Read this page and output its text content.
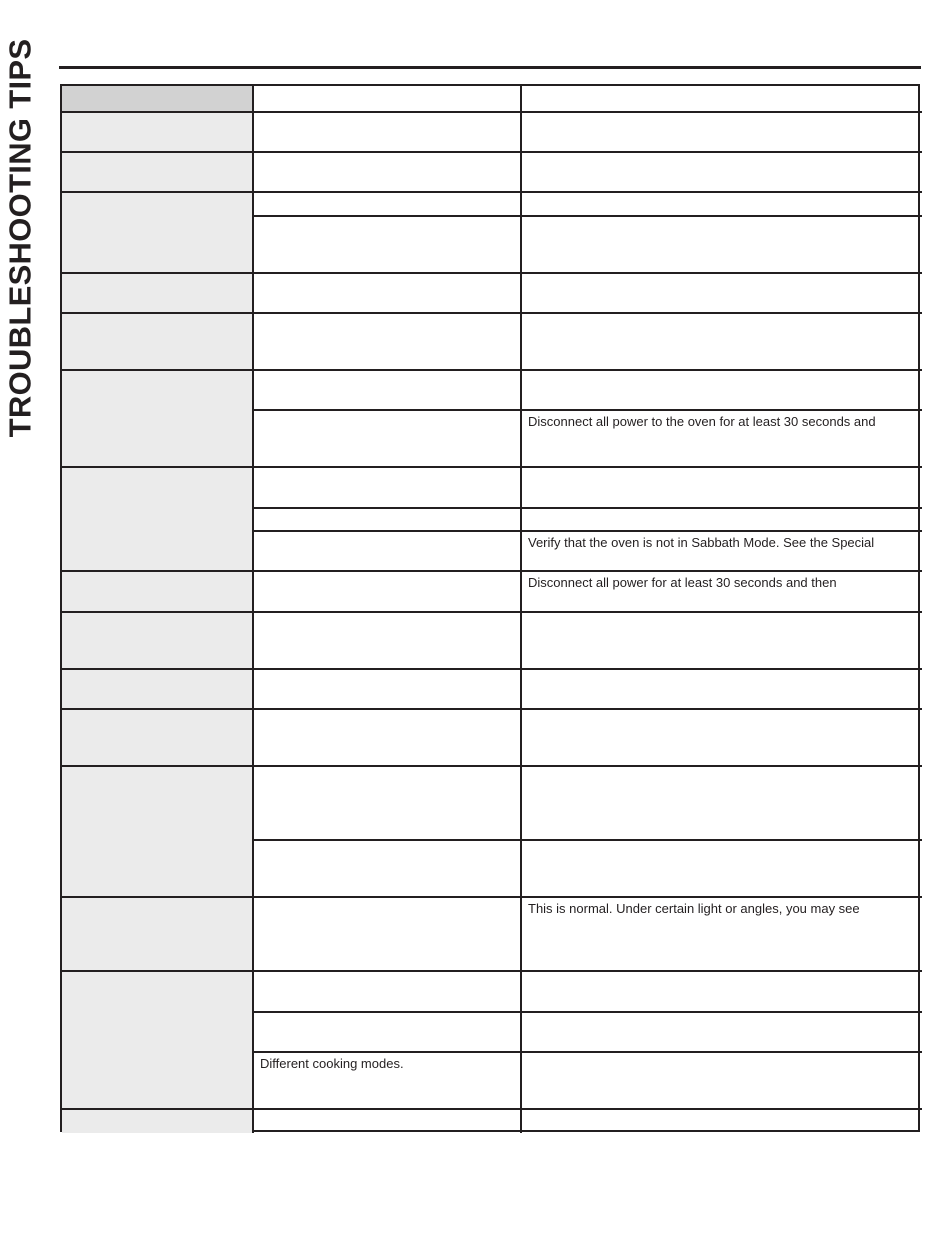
TROUBLESHOOTING TIPS
Different cooking modes.
Disconnect all power to the oven for at least 30 seconds and
Verify that the oven is not in Sabbath Mode. See the Special
Disconnect all power for at least 30 seconds and then
This is normal. Under certain light or angles, you may see
